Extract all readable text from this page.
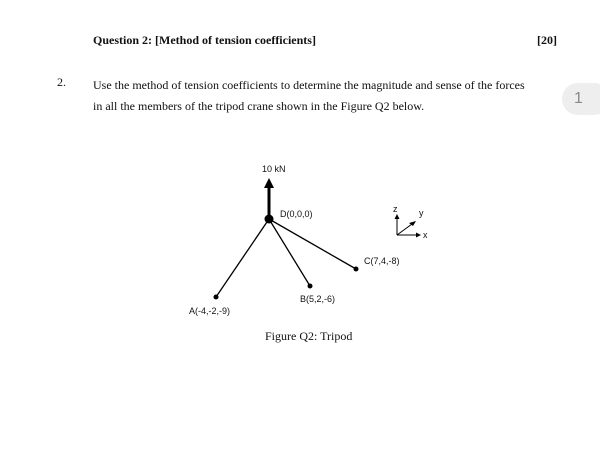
Question 2: [Method of tension coefficients]	[20]
2. Use the method of tension coefficients to determine the magnitude and sense of the forces in all the members of the tripod crane shown in the Figure Q2 below.	1
10 kN
D(0,0,0)
A(-4,-2,-9)
B(5,2,-6)
C(7,4,-8)
z y
x
Figure Q2: Tripod
